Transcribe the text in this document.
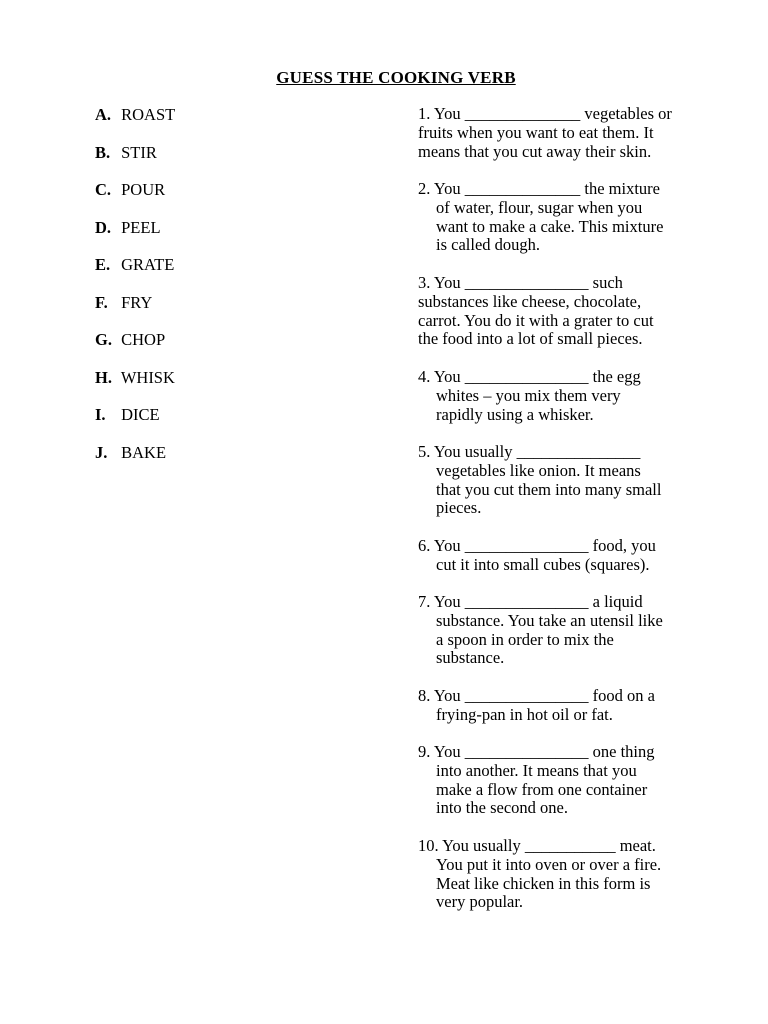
GUESS THE COOKING VERB
A. ROAST
B. STIR
C. POUR
D. PEEL
E. GRATE
F. FRY
G. CHOP
H. WHISK
I. DICE
J. BAKE
1. You ______________ vegetables or
fruits when you want to eat them. It
means that you cut away their skin.
2. You ______________ the mixture
of water, flour, sugar when you
want to make a cake. This mixture
is called dough.
3. You _______________ such
substances like cheese, chocolate,
carrot. You do it with a grater to cut
the food into a lot of small pieces.
4. You _______________ the egg
whites – you mix them very
rapidly using a whisker.
5. You usually _______________
vegetables like onion. It means
that you cut them into many small
pieces.
6. You _______________ food, you
cut it into small cubes (squares).
7. You _______________ a liquid
substance. You take an utensil like
a spoon in order to mix the
substance.
8. You _______________ food on a
frying-pan in hot oil or fat.
9. You _______________ one thing
into another. It means that you
make a flow from one container
into the second one.
10. You usually ___________ meat.
You put it into oven or over a fire.
Meat like chicken in this form is
very popular.
